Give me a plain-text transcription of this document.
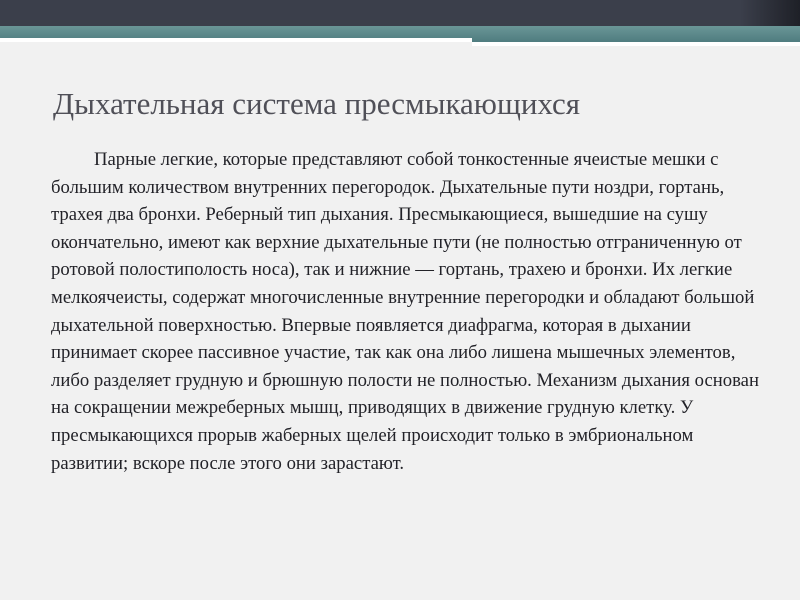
Дыхательная система пресмыкающихся

Парные легкие, которые представляют собой тонкостенные ячеистые мешки с большим количеством внутренних перегородок. Дыхательные пути ноздри, гортань, трахея два бронхи. Реберный тип дыхания. Пресмыкающиеся, вышедшие на сушу окончательно, имеют как верхние дыхательные пути (не полностью отграниченную от ротовой полостиполость носа), так и нижние — гортань, трахею и бронхи. Их легкие мелкоячеисты, содержат многочисленные внутренние перегородки и обладают большой дыхательной поверхностью. Впервые появляется диафрагма, которая в дыхании принимает скорее пассивное участие, так как она либо лишена мышечных элементов, либо разделяет грудную и брюшную полости не полностью. Механизм дыхания основан на сокращении межреберных мышц, приводящих в движение грудную клетку. У пресмыкающихся прорыв жаберных щелей происходит только в эмбриональном развитии; вскоре после этого они зарастают.
